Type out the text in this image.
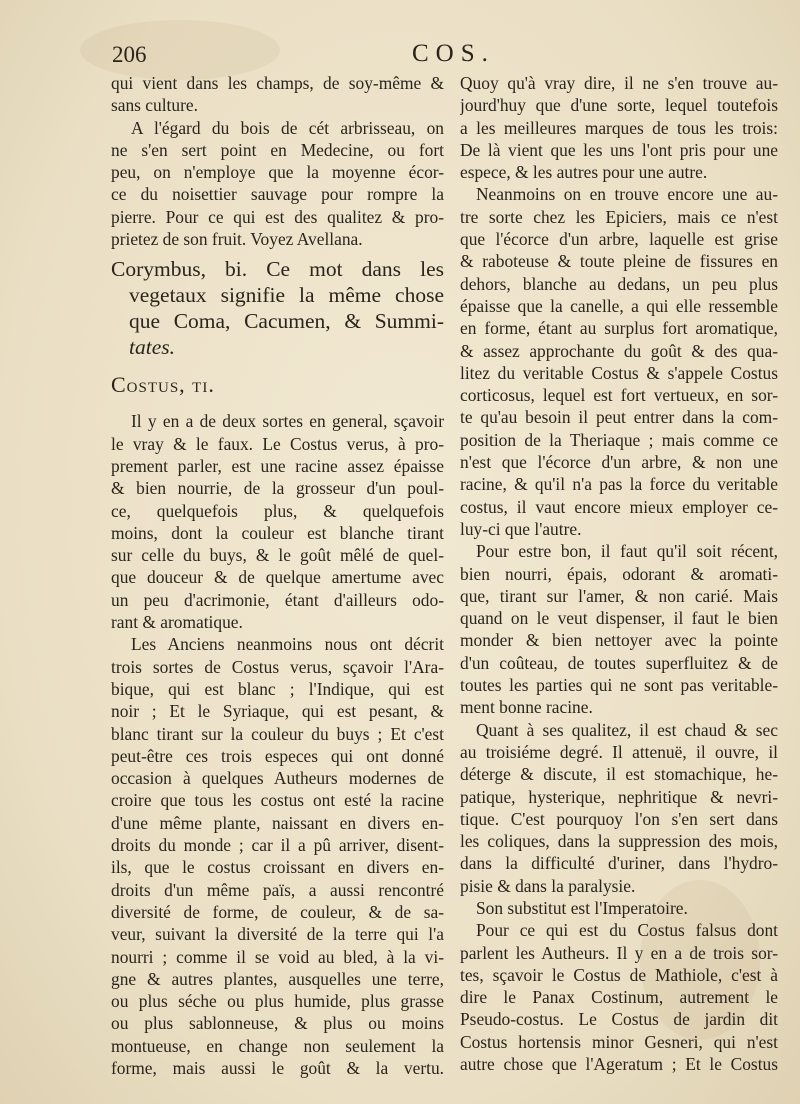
206	COS.
qui vient dans les champs, de soy-même &
sans culture.
A l'égard du bois de cét arbrisseau, on
ne s'en sert point en Medecine, ou fort
peu, on n'employe que la moyenne écor-
ce du noisettier sauvage pour rompre la
pierre. Pour ce qui est des qualitez & pro-
prietez de son fruit. Voyez Avellana.
Corymbus, bi. Ce mot dans les
vegetaux signifie la même chose
que Coma, Cacumen, & Summi-
tates.
Costus, ti.
Il y en a de deux sortes en general, sçavoir
le vray & le faux. Le Costus verus, à pro-
prement parler, est une racine assez épaisse
& bien nourrie, de la grosseur d'un poul-
ce, quelquefois plus, & quelquefois
moins, dont la couleur est blanche tirant
sur celle du buys, & le goût mêlé de quel-
que douceur & de quelque amertume avec
un peu d'acrimonie, étant d'ailleurs odo-
rant & aromatique.
Les Anciens neanmoins nous ont décrit
trois sortes de Costus verus, sçavoir l'Ara-
bique, qui est blanc ; l'Indique, qui est
noir ; Et le Syriaque, qui est pesant, &
blanc tirant sur la couleur du buys ; Et c'est
peut-être ces trois especes qui ont donné
occasion à quelques Autheurs modernes de
croire que tous les costus ont esté la racine
d'une même plante, naissant en divers en-
droits du monde ; car il a pû arriver, disent-
ils, que le costus croissant en divers en-
droits d'un même païs, a aussi rencontré
diversité de forme, de couleur, & de sa-
veur, suivant la diversité de la terre qui l'a
nourri ; comme il se void au bled, à la vi-
gne & autres plantes, ausquelles une terre,
ou plus séche ou plus humide, plus grasse
ou plus sablonneuse, & plus ou moins
montueuse, en change non seulement la
forme, mais aussi le goût & la vertu.
Quoy qu'à vray dire, il ne s'en trouve au-
jourd'huy que d'une sorte, lequel toutefois
a les meilleures marques de tous les trois:
De là vient que les uns l'ont pris pour une
espece, & les autres pour une autre.
Neanmoins on en trouve encore une au-
tre sorte chez les Epiciers, mais ce n'est
que l'écorce d'un arbre, laquelle est grise
& raboteuse & toute pleine de fissures en
dehors, blanche au dedans, un peu plus
épaisse que la canelle, a qui elle ressemble
en forme, étant au surplus fort aromatique,
& assez approchante du goût & des qua-
litez du veritable Costus & s'appele Costus
corticosus, lequel est fort vertueux, en sor-
te qu'au besoin il peut entrer dans la com-
position de la Theriaque ; mais comme ce
n'est que l'écorce d'un arbre, & non une
racine, & qu'il n'a pas la force du veritable
costus, il vaut encore mieux employer ce-
luy-ci que l'autre.
Pour estre bon, il faut qu'il soit récent,
bien nourri, épais, odorant & aromati-
que, tirant sur l'amer, & non carié. Mais
quand on le veut dispenser, il faut le bien
monder & bien nettoyer avec la pointe
d'un coûteau, de toutes superfluitez & de
toutes les parties qui ne sont pas veritable-
ment bonne racine.
Quant à ses qualitez, il est chaud & sec
au troisiéme degré. Il attenuë, il ouvre, il
déterge & discute, il est stomachique, he-
patique, hysterique, nephritique & nevri-
tique. C'est pourquoy l'on s'en sert dans
les coliques, dans la suppression des mois,
dans la difficulté d'uriner, dans l'hydro-
pisie & dans la paralysie.
Son substitut est l'Imperatoire.
Pour ce qui est du Costus falsus dont
parlent les Autheurs. Il y en a de trois sor-
tes, sçavoir le Costus de Mathiole, c'est à
dire le Panax Costinum, autrement le
Pseudo-costus. Le Costus de jardin dit
Costus hortensis minor Gesneri, qui n'est
autre chose que l'Ageratum ; Et le Costus
